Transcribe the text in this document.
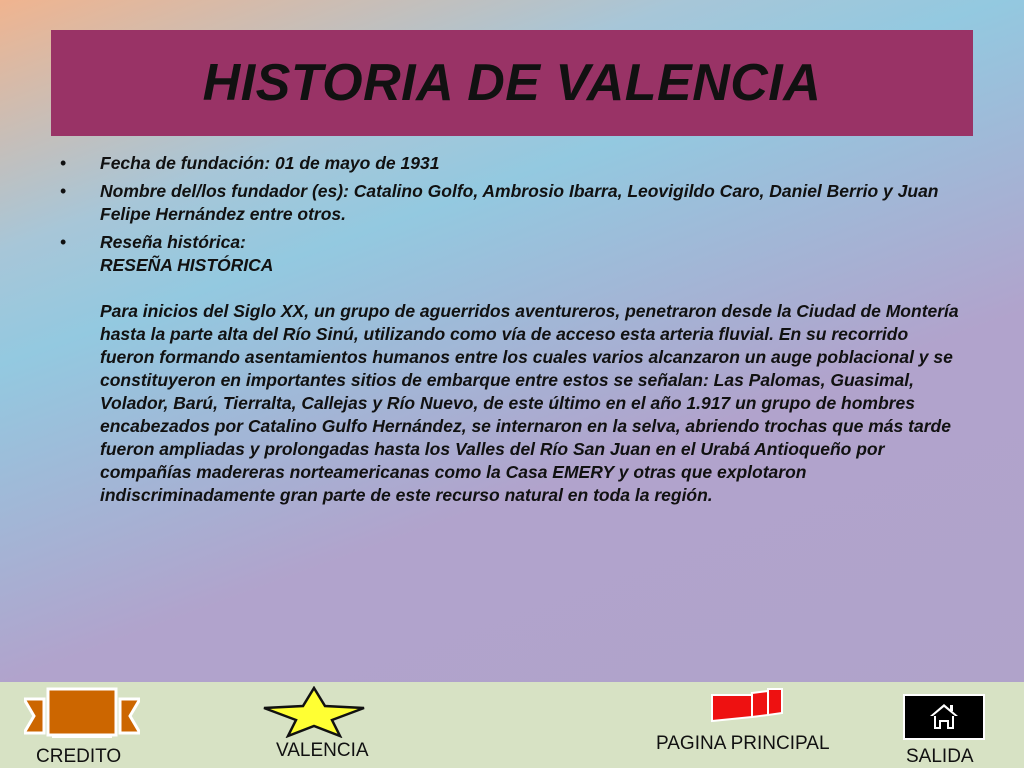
HISTORIA DE VALENCIA
• Fecha de fundación: 01 de mayo de 1931
• Nombre del/los fundador (es): Catalino Golfo, Ambrosio Ibarra, Leovigildo Caro, Daniel Berrio y Juan Felipe Hernández entre otros.
• Reseña histórica:
RESEÑA HISTÓRICA
Para inicios del Siglo XX, un grupo de aguerridos aventureros, penetraron desde la Ciudad de Montería hasta la parte alta del Río Sinú, utilizando como vía de acceso esta arteria fluvial. En su recorrido fueron formando asentamientos humanos entre los cuales varios alcanzaron un auge poblacional y se constituyeron en importantes sitios de embarque entre estos se señalan: Las Palomas, Guasimal, Volador, Barú, Tierralta, Callejas y Río Nuevo, de este último en el año 1.917 un grupo de hombres encabezados por Catalino Gulfo Hernández, se internaron en la selva, abriendo trochas que más tarde fueron ampliadas y prolongadas hasta los Valles del Río San Juan en el Urabá Antioqueño por compañías madereras norteamericanas como la Casa EMERY y otras que explotaron indiscriminadamente gran parte de este recurso natural en toda la región.
CREDITO	VALENCIA	PAGINA PRINCIPAL
SALIDA
